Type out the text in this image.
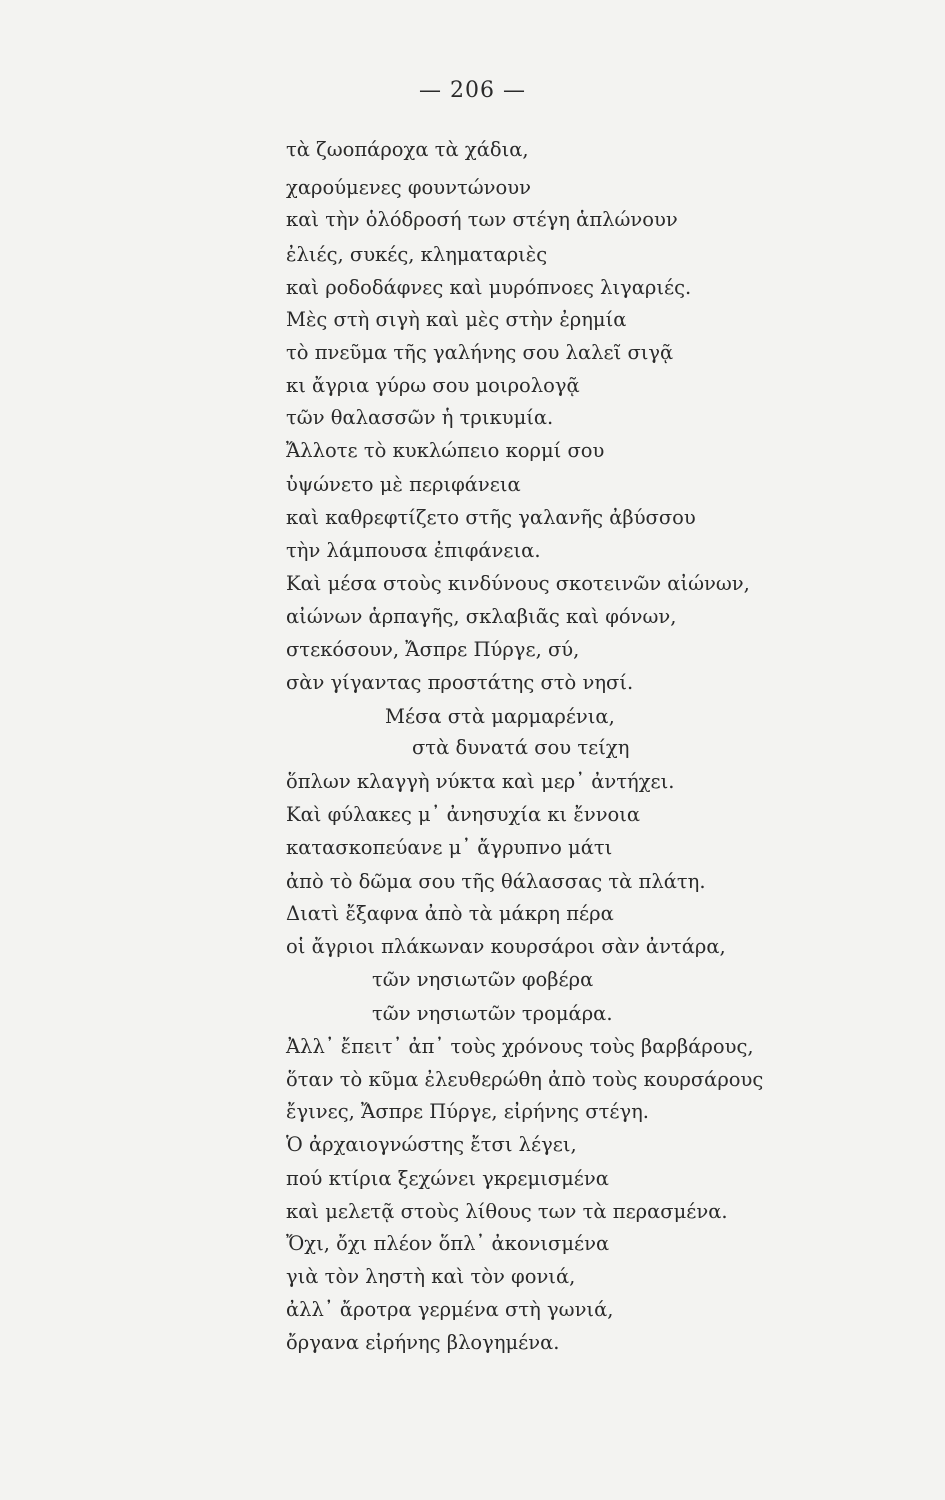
— 206 —
τὰ ζωοπάροχα τὰ χάδια,
χαρούμενες φουντώνουν
καὶ τὴν ὁλόδροσή των στέγη ἁπλώνουν
ἐλιές, συκές, κληματαριὲς
καὶ ροδοδάφνες καὶ μυρόπνοες λιγαριές.
Μὲς στὴ σιγὴ καὶ μὲς στὴν ἐρημία
τὸ πνεῦμα τῆς γαλήνης σου λαλεῖ σιγᾷ
κι ἄγρια γύρω σου μοιρολογᾷ
τῶν θαλασσῶν ἡ τρικυμία.
Ἄλλοτε τὸ κυκλώπειο κορμί σου
ὑψώνετο μὲ περιφάνεια
καὶ καθρεφτίζετο στῆς γαλανῆς ἀβύσσου
τὴν λάμπουσα ἐπιφάνεια.
Καὶ μέσα στοὺς κινδύνους σκοτεινῶν αἰώνων,
αἰώνων ἁρπαγῆς, σκλαβιᾶς καὶ φόνων,
στεκόσουν, Ἄσπρε Πύργε, σύ,
σὰν γίγαντας προστάτης στὸ νησί.
Μέσα στὰ μαρμαρένια,
στὰ δυνατά σου τείχη
ὅπλων κλαγγὴ νύκτα καὶ μερ᾿ ἀντήχει.
Καὶ φύλακες μ᾿ ἀνησυχία κι ἔννοια
κατασκοπεύανε μ᾿ ἄγρυπνο μάτι
ἀπὸ τὸ δῶμα σου τῆς θάλασσας τὰ πλάτη.
Διατὶ ἔξαφνα ἀπὸ τὰ μάκρη πέρα
οἱ ἄγριοι πλάκωναν κουρσάροι σὰν ἀντάρα,
τῶν νησιωτῶν φοβέρα
τῶν νησιωτῶν τρομάρα.
Ἀλλ᾿ ἔπειτ᾿ ἀπ᾿ τοὺς χρόνους τοὺς βαρβάρους,
ὅταν τὸ κῦμα ἐλευθερώθη ἀπὸ τοὺς κουρσάρους
ἔγινες, Ἄσπρε Πύργε, εἰρήνης στέγη.
Ὁ ἀρχαιογνώστης ἔτσι λέγει,
πού κτίρια ξεχώνει γκρεμισμένα
καὶ μελετᾷ στοὺς λίθους των τὰ περασμένα.
Ὄχι, ὄχι πλέον ὅπλ᾿ ἀκονισμένα
γιὰ τὸν ληστὴ καὶ τὸν φονιά,
ἀλλ᾿ ἄροτρα γερμένα στὴ γωνιά,
ὄργανα εἰρήνης βλογημένα.
